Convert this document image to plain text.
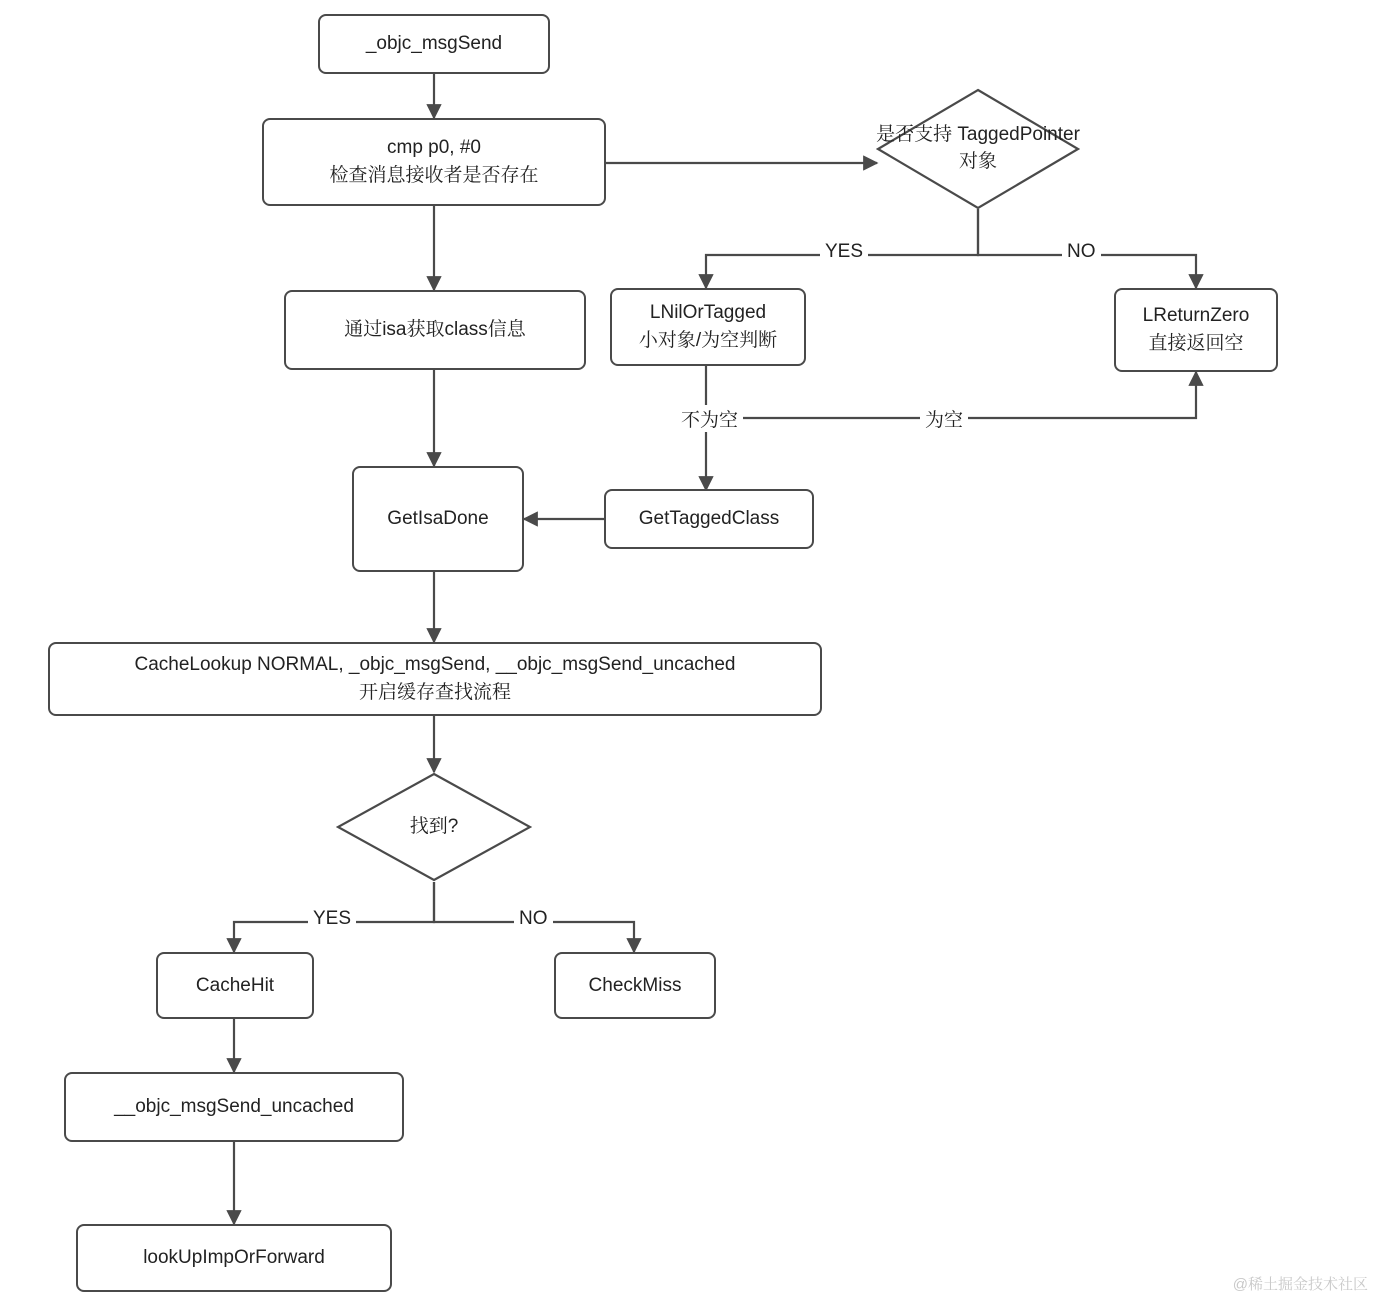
_objc_msgSend
cmp p0, #0
检查消息接收者是否存在
是否支持 TaggedPointer 对象
通过isa获取class信息
LNilOrTagged
小对象/为空判断
LReturnZero
直接返回空
GetIsaDone	GetTaggedClass
CacheLookup NORMAL, _objc_msgSend, __objc_msgSend_uncached
开启缓存查找流程
找到?
CacheHit	CheckMiss
__objc_msgSend_uncached
lookUpImpOrForward
YES	NO
不为空	为空
YES	NO
@稀土掘金技术社区
